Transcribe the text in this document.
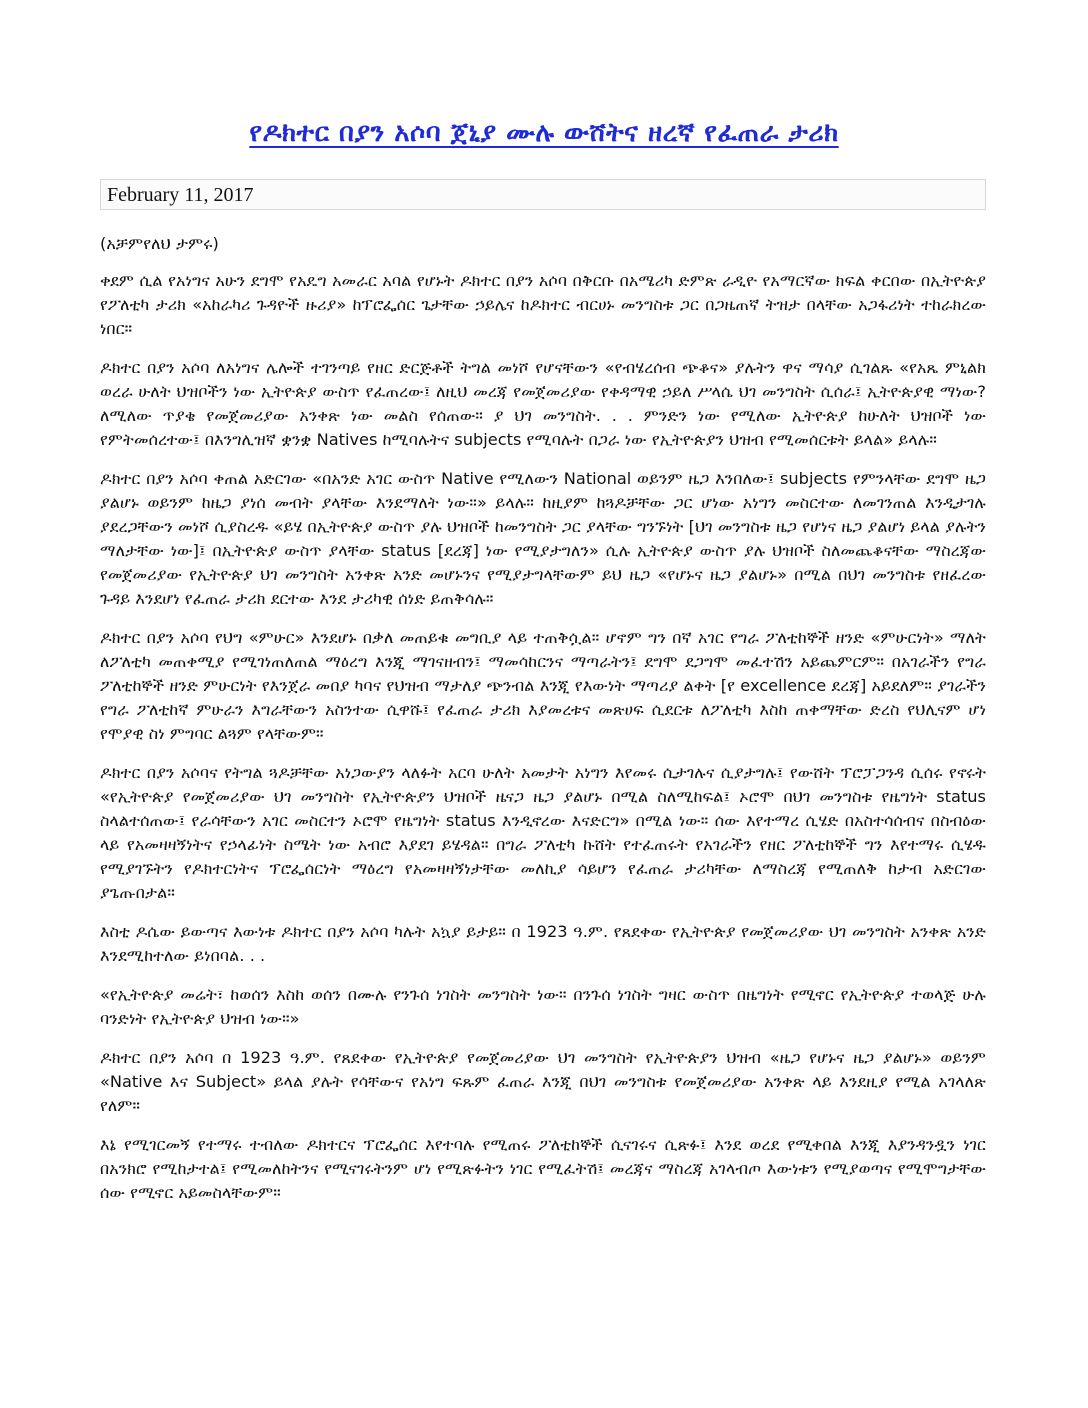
የዶክተር በያን አሶባ ጀኒያ ሙሉ ውሸትና ዘረኛ የፈጠራ ታሪክ
February 11, 2017

(አቻምየለህ ታምሩ)

ቀደም ሲል የአነግና አሁን ደግሞ የአዴግ አመራር አባል የሆኑት ዶክተር በያን አሶባ በቅርቡ በአሜሪካ ድምጽ ራዲዮ የአማርኛው ክፍል ቀርበው በኢትዮጵያ የፖለቲካ ታሪክ «አከራካሪ ጉዳዮች ዙሪያ» ከፕሮፌሰር ጌታቸው ኃይሌና ከዶክተር ብርሀኑ መንግስቱ ጋር በጋዜጠኛ ትዝታ በላቸው አጋፋሪነት ተከራክረው ነበር።

ዶክተር በያን አሶባ ለአነግና ሌሎች ተገንጣይ የዘር ድርጅቶች ትግል መነሾ የሆናቸውን «የብሄረሰብ ጭቆና» ያሉትን ዋና ማሳያ ሲገልጹ «የአጼ ምኒልክ ወረራ ሁለት ህዝቦችን ነው ኢትዮጵያ ውስጥ የፈጠረው፤ ለዚህ መረጃ የመጀመሪያው የቀዳማዊ ኃይለ ሥላሴ ህገ መንግስት ሲሰራ፤ ኢትዮጵያዊ ማነው? ለሚለው ጥያቄ የመጀመሪያው አንቀጽ ነው መልስ የሰጠው። ያ ህገ መንግስት. . . ምንድን ነው የሚለው ኢትዮጵያ ከሁለት ህዝቦች ነው የምትመሰረተው፤ በእንግሊዝኛ ቋንቋ Natives ከሚባሉትና subjects የሚባሉት በጋራ ነው የኢትዮጵያን ህዝብ የሚመሰርቱት ይላል» ይላሉ።

ዶክተር በያን አሶባ ቀጠል አድርገው «በአንድ አገር ውስጥ Native የሚለውን National ወይንም ዜጋ እንበለው፤ subjects የምንላቸው ደግሞ ዜጋ ያልሆኑ ወይንም ከዜጋ ያነሰ መብት ያላቸው እንደማለት ነው።» ይላሉ። ከዚያም ከጓዶቻቸው ጋር ሆነው አነግን መስርተው ለመገንጠል እንዲታገሉ ያደረጋቸውን መነሾ ሲያስረዱ «ይሄ በኢትዮጵያ ውስጥ ያሉ ህዝቦች ከመንግስት ጋር ያላቸው ግንኙነት [ህገ መንግስቱ ዜጋ የሆነና ዜጋ ያልሆነ ይላል ያሉትን ማለታቸው ነው]፤ በኢትዮጵያ ውስጥ ያላቸው status [ደረጃ] ነው የሚያታግለን» ሲሉ ኢትዮጵያ ውስጥ ያሉ ህዝቦች ስለመጨቆናቸው ማስረጃው የመጀመሪያው የኢትዮጵያ ህገ መንግስት አንቀጽ አንድ መሆኑንና የሚያታግላቸውም ይህ ዜጋ «የሆኑና ዜጋ ያልሆኑ» በሚል በህገ መንግስቱ የዘፈረው ጉዳይ እንደሆነ የፈጠራ ታሪክ ደርተው እንደ ታሪካዊ ሰነድ ይጠቅሳሉ።

ዶክተር በያን አሶባ የህግ «ምሁር» እንደሆኑ በቃለ መጠይቁ መግቢያ ላይ ተጠቅሷል። ሆኖም ግን በኛ አገር የግራ ፖለቲከኞች ዘንድ «ምሁርነት» ማለት ለፖለቲካ መጠቀሚያ የሚገነጠለጠል ማዕረግ እንጂ ማገናዘብን፤ ማመሳከርንና ማጣራትን፤ ደግሞ ደጋግሞ መፈተሽን አይጨምርም። በአገራችን የግራ ፖለቲከኞች ዘንድ ምሁርነት የእንጀራ መበያ ካባና የህዝብ ማታለያ ጭንብል እንጂ የእውነት ማጣሪያ ልቀት [የ excellence ደረጃ] አይደለም። ያገራችን የግራ ፖለቲከኛ ምሁራን እግራቸውን አስንተው ሲዋሹ፤ የፈጠራ ታሪክ እያመረቱና መጽሀፍ ሲደርቱ ለፖለቲካ እስከ ጠቀማቸው ድረስ የህሊናም ሆነ የሞያዊ ስነ ምግባር ልጓም የላቸውም።

ዶክተር በያን አሶባና የትግል ጓዶቻቸው አነጋውያን ላለፉት አርባ ሁለት አመታት አነግን እየመሩ ሲታገሉና ሲያታግሉ፤ የውሸት ፕሮፓጋንዳ ሲሰሩ የኖሩት «የኢትዮጵያ የመጀመሪያው ህገ መንግስት የኢትዮጵያን ህዝቦች ዜናጋ ዜጋ ያልሆኑ በሚል ስለሚከፍል፤ ኦሮሞ በህገ መንግስቱ የዜግነት status ስላልተሰጠው፤ የራሳቸውን አገር መስርተን ኦሮሞ የዜግነት status እንዲኖረው እናድርግ» በሚል ነው። ሰው እየተማረ ሲሄድ በአስተሳሰብና በስብዕው ላይ የአመዛዛኝነትና የኃላፊነት ስሜት ነው አብሮ እያደገ ይሄዳል። በግራ ፖለቲካ ኩሸት የተፈጠሩት የአገራችን የዘር ፖለቲከኞች ግን እየተማሩ ሲሄዱ የሚያገኙትን የዶክተርነትና ፕሮፌሰርነት ማዕረግ የአመዛዛኝነታቸው መለኪያ ሳይሆን የፈጠራ ታሪካቸው ለማስረጃ የሚጠለቅ ከታብ አድርገው ያጌጡበታል።

እስቲ ዶሴው ይውጣና እውነቱ ዶክተር በያን አሶባ ካሉት አኳያ ይታይ። በ 1923 ዓ.ም. የጸደቀው የኢትዮጵያ የመጀመሪያው ህገ መንግስት አንቀጽ አንድ እንደሚከተለው ይነበባል. . .

«የኢትዮጵያ መሬት፣ ከወሰን እስከ ወሰን በሙሉ የንጉሰ ነገስት መንግስት ነው። በንጉሰ ነገስት ግዛር ውስጥ በዜግነት የሚኖር የኢትዮጵያ ተወላጅ ሁሉ ባንድነት የኢትዮጵያ ህዝብ ነው።»

ዶክተር በያን አሶባ በ 1923 ዓ.ም. የጸደቀው የኢትዮጵያ የመጀመሪያው ህገ መንግስት የኢትዮጵያን ህዝብ «ዜጋ የሆኑና ዜጋ ያልሆኑ» ወይንም «Native እና Subject» ይላል ያሉት የሳቸውና የአነግ ፍጹም ፈጠራ እንጂ በህገ መንግስቱ የመጀመሪያው አንቀጽ ላይ እንደዚያ የሚል አገላለጽ የለም።

እኔ የሚገርመኝ የተማሩ ተብለው ዶክተርና ፕሮፌሰር እየተባሉ የሚጠሩ ፖለቲከኞች ሲናገሩና ሲጽፉ፤ እንደ ወረደ የሚቀበል እንጂ እያንዳንዷን ነገር በአንክሮ የሚከታተል፤ የሚመለከትንና የሚናገሩትንም ሆነ የሚጽፉትን ነገር የሚፈትሽ፤ መረጃና ማስረጃ አገላብጦ እውነቱን የሚያወጣና የሚሞግታቸው ሰው የሚኖር አይመስላቸውም።
